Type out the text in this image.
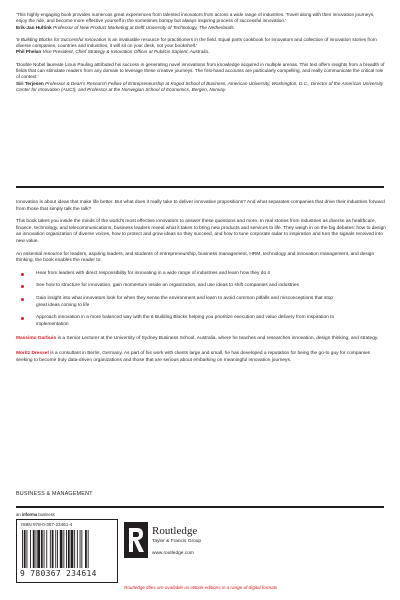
'This highly engaging book provides numerous great experiences from talented innovators from across a wide range of industries. Travel along with their innovation journeys, enjoy the ride, and become more effective yourself in the sometimes bumpy but always inspiring process of successful innovation.'

Erik-Jan Hultink Professor of New Product Marketing at Delft University of Technology, The Netherlands.

'6 Building Blocks for Successful Innovation is an invaluable resource for practitioners in the field. Equal parts cookbook for innovators and collection of innovation stories from diverse companies, countries and industries, it will sit on your desk, not your bookshelf.'

Phil Phelan Vice President, Chief Strategy & Innovation Officer at Publicis Sapient, Australia.

'Double Nobel laureate Linus Pauling attributed his success in generating novel innovations from knowledge acquired in multiple arenas. This text offers insights from a breadth of fields that can stimulate readers from any domain to leverage these creative journeys. The first-hand accounts are particularly compelling, and really communicate the critical role of context.'

Siri Terjesen Professor & Dean's Research Fellow of Entrepreneurship at Kogod School of Business, American University, Washington, D.C., Director of the American University Center for Innovation (AUCI), and Professor at the Norwegian School of Economics, Bergen, Norway.

Innovation is about ideas that make life better. But what does it really take to deliver innovative propositions? And what separates companies that drive their industries forward from those that simply talk the talk?

This book takes you inside the minds of the world's most effective innovators to answer these questions and more. In real stories from industries as diverse as healthcare, finance, technology, and telecommunications, business leaders reveal what it takes to bring new products and services to life. They weigh in on the big debates: how to design an innovation organization of diverse voices, how to protect and grow ideas so they succeed, and how to tune corporate radar to inspiration and turn the signals received into new value.

An essential resource for leaders, aspiring leaders, and students of entrepreneurship, business management, HRM, technology and innovation management, and design thinking, the book enables the reader to:

Hear from leaders with direct responsibility for innovating in a wide range of industries and learn how they do it
See how to structure for innovation, gain momentum inside an organization, and use ideas to shift companies and industries
Gain insight into what innovators look for when they sense the environment and learn to avoid common pitfalls and misconceptions that stop great ideas coming to life
Approach innovation in a more balanced way with the 6 Building Blocks helping you prioritize execution and value delivery from inspiration to implementation

Massimo Garbuio is a Senior Lecturer at the University of Sydney Business School, Australia, where he teaches and researches innovation, design thinking, and strategy.

Moritz Dressel is a consultant in Berlin, Germany. As part of his work with clients large and small, he has developed a reputation for being the go-to guy for companies seeking to become truly data-driven organizations and those that are serious about embarking on meaningful innovation journeys.

BUSINESS & MANAGEMENT
an informa business
ISBN 978-0-367-23461-4
9 780367 234614
Routledge
Taylor & Francis Group
www.routledge.com
Routledge titles are available as eBook editions in a range of digital formats
